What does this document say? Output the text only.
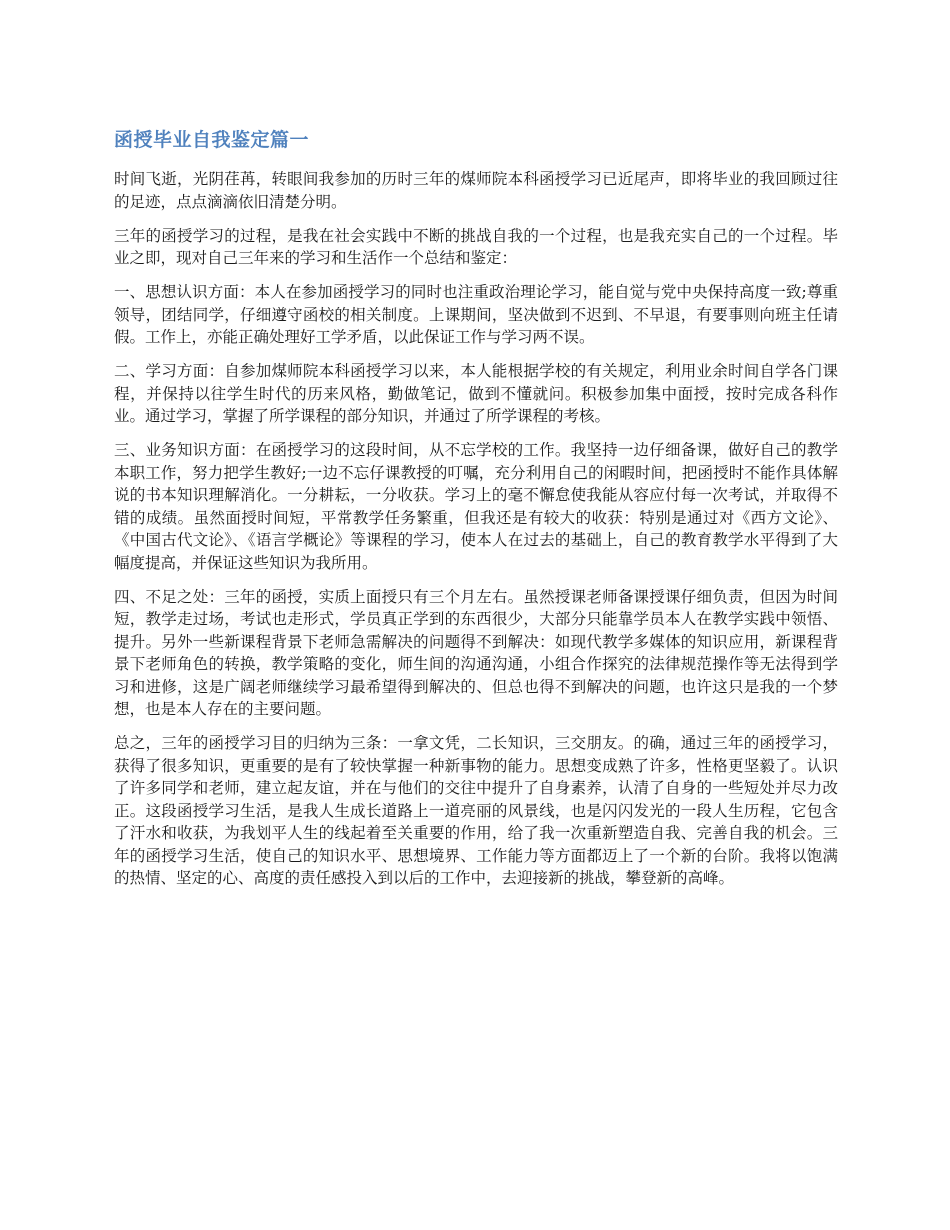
函授毕业自我鉴定篇一

时间飞逝，光阴荏苒，转眼间我参加的历时三年的煤师院本科函授学习已近尾声，即将毕业的我回顾过往的足迹，点点滴滴依旧清楚分明。

三年的函授学习的过程，是我在社会实践中不断的挑战自我的一个过程，也是我充实自己的一个过程。毕业之即，现对自己三年来的学习和生活作一个总结和鉴定：

一、思想认识方面：本人在参加函授学习的同时也注重政治理论学习，能自觉与党中央保持高度一致;尊重领导，团结同学，仔细遵守函校的相关制度。上课期间，坚决做到不迟到、不早退，有要事则向班主任请假。工作上，亦能正确处理好工学矛盾，以此保证工作与学习两不误。

二、学习方面：自参加煤师院本科函授学习以来，本人能根据学校的有关规定，利用业余时间自学各门课程，并保持以往学生时代的历来风格，勤做笔记，做到不懂就问。积极参加集中面授，按时完成各科作业。通过学习，掌握了所学课程的部分知识，并通过了所学课程的考核。

三、业务知识方面：在函授学习的这段时间，从不忘学校的工作。我坚持一边仔细备课，做好自己的教学本职工作，努力把学生教好;一边不忘仔课教授的叮嘱，充分利用自己的闲暇时间，把函授时不能作具体解说的书本知识理解消化。一分耕耘，一分收获。学习上的毫不懈怠使我能从容应付每一次考试，并取得不错的成绩。虽然面授时间短，平常教学任务繁重，但我还是有较大的收获：特别是通过对《西方文论》、《中国古代文论》、《语言学概论》等课程的学习，使本人在过去的基础上，自己的教育教学水平得到了大幅度提高，并保证这些知识为我所用。

四、不足之处：三年的函授，实质上面授只有三个月左右。虽然授课老师备课授课仔细负责，但因为时间短，教学走过场，考试也走形式，学员真正学到的东西很少，大部分只能靠学员本人在教学实践中领悟、提升。另外一些新课程背景下老师急需解决的问题得不到解决：如现代教学多媒体的知识应用，新课程背景下老师角色的转换，教学策略的变化，师生间的沟通沟通，小组合作探究的法律规范操作等无法得到学习和进修，这是广阔老师继续学习最希望得到解决的、但总也得不到解决的问题，也许这只是我的一个梦想，也是本人存在的主要问题。

总之，三年的函授学习目的归纳为三条：一拿文凭，二长知识，三交朋友。的确，通过三年的函授学习，获得了很多知识，更重要的是有了较快掌握一种新事物的能力。思想变成熟了许多，性格更坚毅了。认识了许多同学和老师，建立起友谊，并在与他们的交往中提升了自身素养，认清了自身的一些短处并尽力改正。这段函授学习生活，是我人生成长道路上一道亮丽的风景线，也是闪闪发光的一段人生历程，它包含了汗水和收获，为我划平人生的线起着至关重要的作用，给了我一次重新塑造自我、完善自我的机会。三年的函授学习生活，使自己的知识水平、思想境界、工作能力等方面都迈上了一个新的台阶。我将以饱满的热情、坚定的心、高度的责任感投入到以后的工作中，去迎接新的挑战，攀登新的高峰。
